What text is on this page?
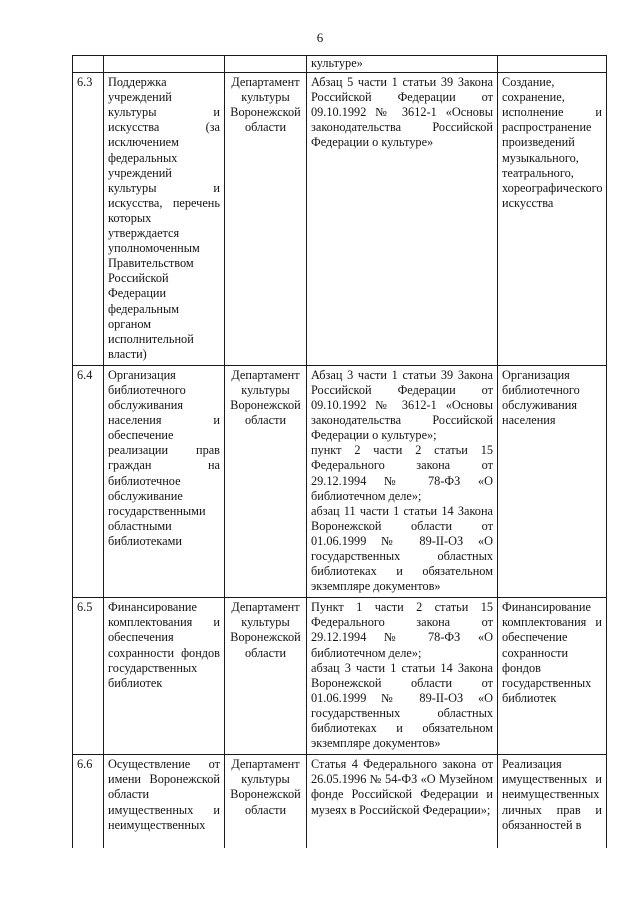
6
			культуре»	
6.3	Поддержка учреждений культуры и искусства (за исключением федеральных учреждений культуры и искусства, перечень которых утверждается уполномоченным Правительством Российской Федерации федеральным органом исполнительной власти)	Департамент культуры Воронежской области	Абзац 5 части 1 статьи 39 Закона Российской Федерации от 09.10.1992 № 3612-1 «Основы законодательства Российской Федерации о культуре»	Создание, сохранение, исполнение и распространение произведений музыкального, театрального, хореографического искусства
6.4	Организация библиотечного обслуживания населения и обеспечение реализации прав граждан на библиотечное обслуживание государственными областными библиотеками	Департамент культуры Воронежской области	Абзац 3 части 1 статьи 39 Закона Российской Федерации от 09.10.1992 № 3612-1 «Основы законодательства Российской Федерации о культуре»;
пункт 2 части 2 статьи 15 Федерального закона от 29.12.1994 № 78-ФЗ «О библиотечном деле»;
абзац 11 части 1 статьи 14 Закона Воронежской области от 01.06.1999 № 89-II-ОЗ «О государственных областных библиотеках и обязательном экземпляре документов»	Организация библиотечного обслуживания населения
6.5	Финансирование комплектования и обеспечения сохранности фондов государственных библиотек	Департамент культуры Воронежской области	Пункт 1 части 2 статьи 15 Федерального закона от 29.12.1994 № 78-ФЗ «О библиотечном деле»;
абзац 3 части 1 статьи 14 Закона Воронежской области от 01.06.1999 № 89-II-ОЗ «О государственных областных библиотеках и обязательном экземпляре документов»	Финансирование комплектования и обеспечение сохранности фондов государственных библиотек
6.6	Осуществление от имени Воронежской области имущественных и неимущественных	Департамент культуры Воронежской области	Статья 4 Федерального закона от 26.05.1996 № 54-ФЗ «О Музейном фонде Российской Федерации и музеях в Российской Федерации»;	Реализация имущественных и неимущественных личных прав и обязанностей в
